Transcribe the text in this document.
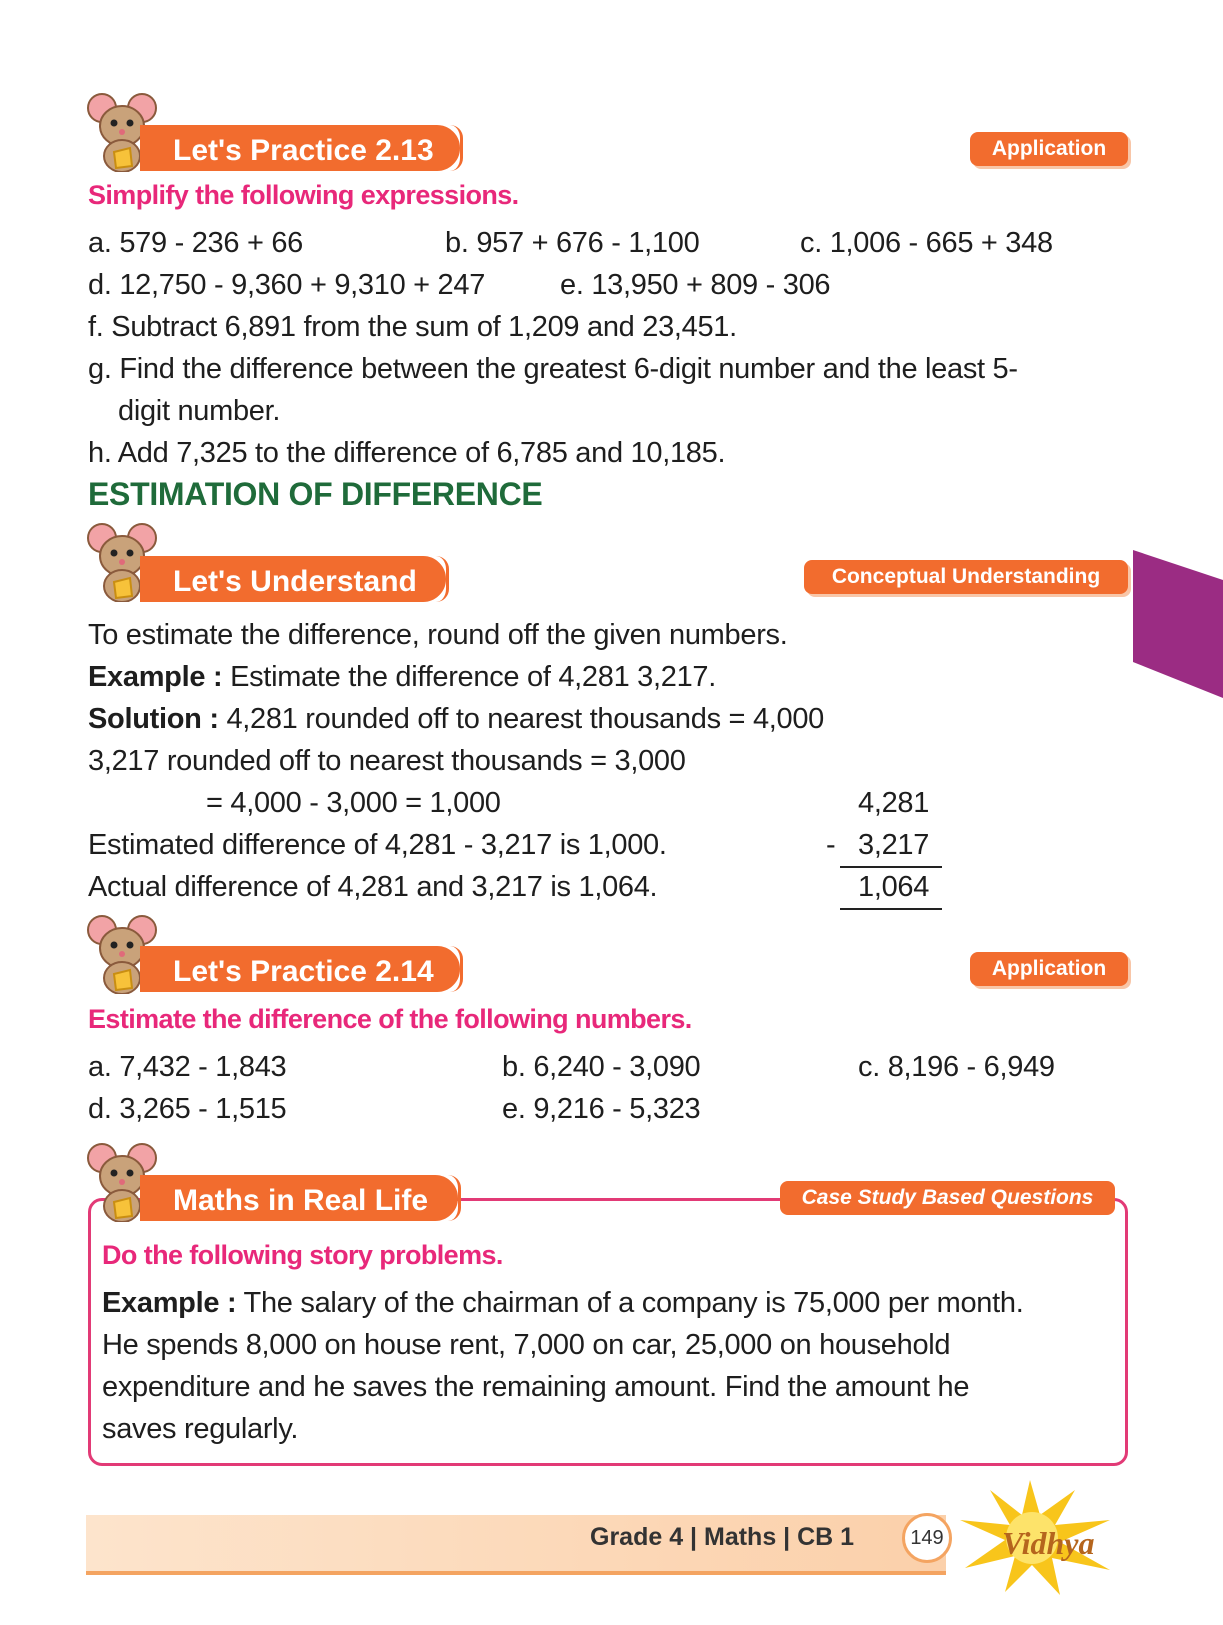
Let's Practice 2.13	Application
Simplify the following expressions.
a. 579 - 236 + 66	b. 957 + 676 - 1,100	c. 1,006 - 665 + 348
d. 12,750 - 9,360 + 9,310 + 247	e. 13,950 + 809 - 306
f. Subtract 6,891 from the sum of 1,209 and 23,451.
g. Find the difference between the greatest 6-digit number and the least 5-
digit number.
h. Add 7,325 to the difference of 6,785 and 10,185.
ESTIMATION OF DIFFERENCE
Let's Understand	Conceptual Understanding
To estimate the difference, round off the given numbers.
Example : Estimate the difference of 4,281 3,217.
Solution : 4,281 rounded off to nearest thousands = 4,000
3,217 rounded off to nearest thousands = 3,000
= 4,000 - 3,000 = 1,000
Estimated difference of 4,281 - 3,217 is 1,000.
Actual difference of 4,281 and 3,217 is 1,064.
4,281
- 3,217
1,064
Let's Practice 2.14	Application
Estimate the difference of the following numbers.
a. 7,432 - 1,843	b. 6,240 - 3,090	c. 8,196 - 6,949
d. 3,265 - 1,515	e. 9,216 - 5,323
Maths in Real Life	Case Study Based Questions
Do the following story problems.
Example : The salary of the chairman of a company is 75,000 per month.
He spends 8,000 on house rent, 7,000 on car, 25,000 on household
expenditure and he saves the remaining amount. Find the amount he
saves regularly.
Grade 4 | Maths | CB 1	149 Vidhya
